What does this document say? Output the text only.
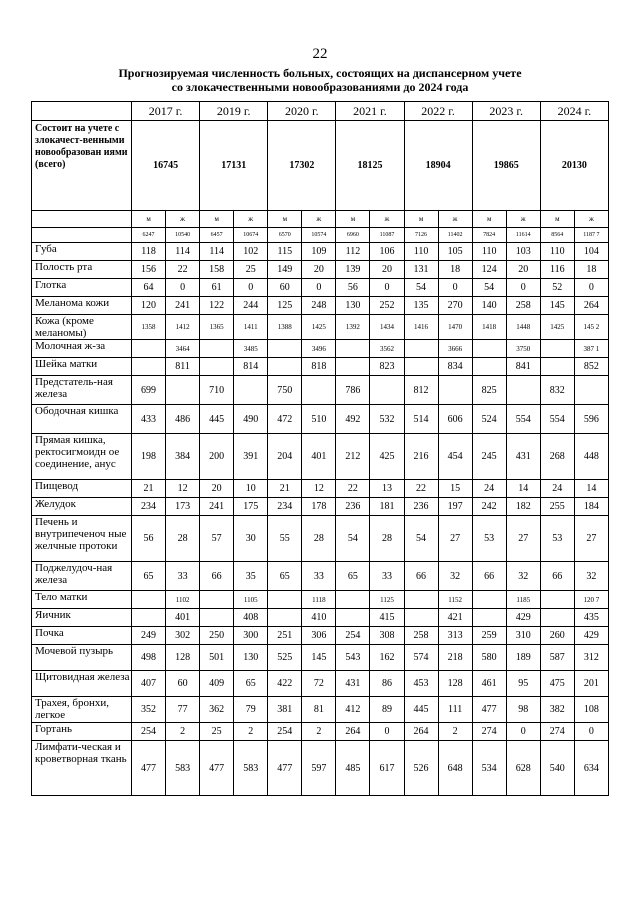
22
Прогнозируемая численность больных, состоящих на диспансерном учете
со злокачественными новообразованиями до 2024 года
	2017 г.		2019 г.		2020 г.		2021 г.		2022 г.		2023 г.		2024 г.	
Состоит на учете с злокачест-венными новообразован иями (всего)	16745		17131		17302		18125		18904		19865		20130	
	м	ж	м	ж	м	ж	м	ж	м	ж	м	ж	м	ж
	6247	10540	6457	10674	6570	10574	6960	11087	7126	11402	7824	11614	8564	1187 7
Губа	118	114	114	102	115	109	112	106	110	105	110	103	110	104
Полость рта	156	22	158	25	149	20	139	20	131	18	124	20	116	18
Глотка	64	0	61	0	60	0	56	0	54	0	54	0	52	0
Меланома кожи	120	241	122	244	125	248	130	252	135	270	140	258	145	264
Кожа (кроме меланомы)	1358	1412	1365	1411	1388	1425	1392	1434	1416	1470	1418	1448	1425	145 2
Молочная ж-за		3464		3485		3496		3562		3666		3750		387 1
Шейка матки		811		814		818		823		834		841		852
Предстатель-ная железа	699		710		750		786		812		825		832	
Ободочная кишка	433	486	445	490	472	510	492	532	514	606	524	554	554	596
Прямая кишка, ректосигмоидн ое соединение, анус	198	384	200	391	204	401	212	425	216	454	245	431	268	448
Пищевод	21	12	20	10	21	12	22	13	22	15	24	14	24	14
Желудок	234	173	241	175	234	178	236	181	236	197	242	182	255	184
Печень и внутрипеченоч ные желчные протоки	56	28	57	30	55	28	54	28	54	27	53	27	53	27
Поджелудоч-ная железа	65	33	66	35	65	33	65	33	66	32	66	32	66	32
Тело матки		1102		1105		1118		1125		1152		1185		120 7
Яичник		401		408		410		415		421		429		435
Почка	249	302	250	300	251	306	254	308	258	313	259	310	260	429
Мочевой пузырь	498	128	501	130	525	145	543	162	574	218	580	189	587	312
Щитовидная железа	407	60	409	65	422	72	431	86	453	128	461	95	475	201
Трахея, бронхи, легкое	352	77	362	79	381	81	412	89	445	111	477	98	382	108
Гортань	254	2	25	2	254	2	264	0	264	2	274	0	274	0
Лимфати-ческая и кроветворная ткань	477	583	477	583	477	597	485	617	526	648	534	628	540	634
